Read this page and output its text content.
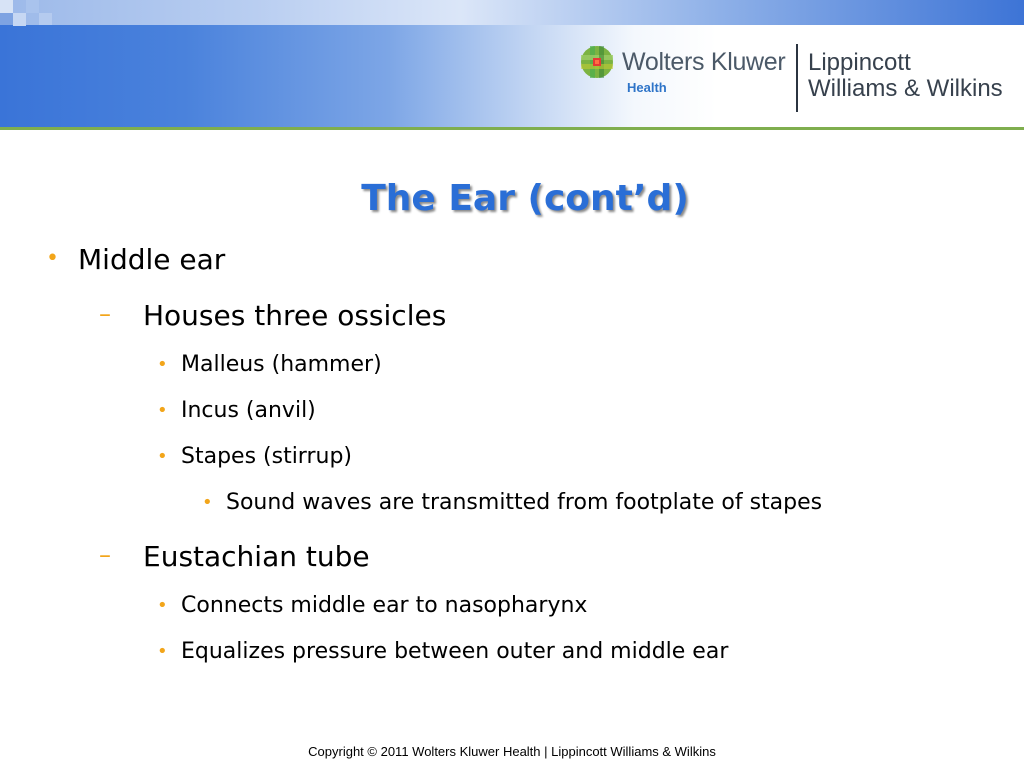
Wolters Kluwer
Health
Lippincott
Williams & Wilkins
The Ear (cont’d)
• Middle ear
– Houses three ossicles
• Malleus (hammer)
• Incus (anvil)
• Stapes (stirrup)
• Sound waves are transmitted from footplate of stapes
– Eustachian tube
• Connects middle ear to nasopharynx
• Equalizes pressure between outer and middle ear
Copyright © 2011 Wolters Kluwer Health | Lippincott Williams & Wilkins
